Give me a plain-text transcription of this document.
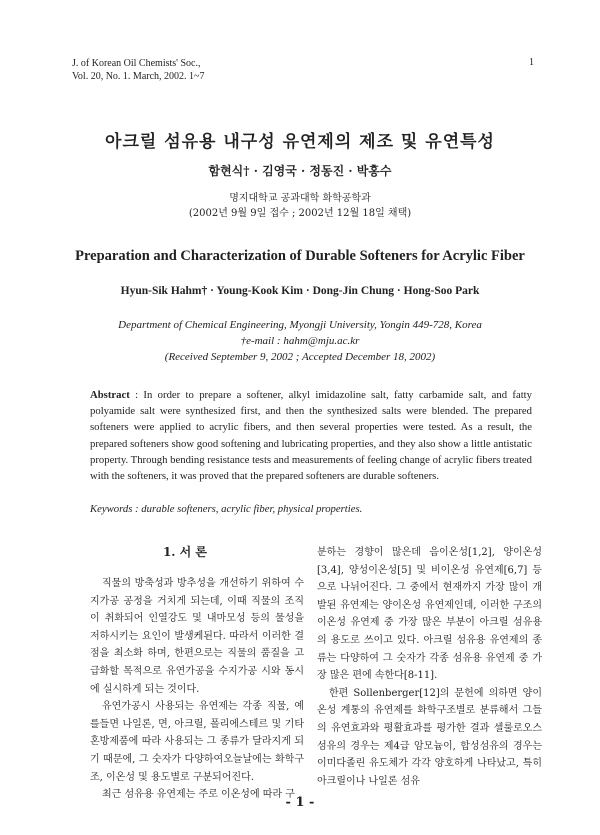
J. of Korean Oil Chemists' Soc.,
Vol. 20, No. 1. March, 2002. 1~7
1
아크릴 섬유용 내구성 유연제의 제조 및 유연특성
함현식† · 김영국 · 정동진 · 박홍수
명지대학교 공과대학 화학공학과
(2002년 9월 9일 접수 ; 2002년 12월 18일 채택)
Preparation and Characterization of Durable Softeners for Acrylic Fiber
Hyun-Sik Hahm† · Young-Kook Kim · Dong-Jin Chung · Hong-Soo Park
Department of Chemical Engineering, Myongji University, Yongin 449-728, Korea
†e-mail : hahm@mju.ac.kr
(Received September 9, 2002 ; Accepted December 18, 2002)
Abstract : In order to prepare a softener, alkyl imidazoline salt, fatty carbamide salt, and fatty polyamide salt were synthesized first, and then the synthesized salts were blended. The prepared softeners were applied to acrylic fibers, and then several properties were tested. As a result, the prepared softeners show good softening and lubricating properties, and they also show a little antistatic property. Through bending resistance tests and measurements of feeling change of acrylic fibers treated with the softeners, it was proved that the prepared softeners are durable softeners.
Keywords : durable softeners, acrylic fiber, physical properties.
1. 서 론

직물의 방축성과 방추성을 개선하기 위하여 수지가공 공정을 거치게 되는데, 이때 직물의 조직이 취화되어 인열강도 및 내마모성 등의 물성을 저하시키는 요인이 발생케된다. 따라서 이러한 결점을 최소화 하며, 한편으로는 직물의 품질을 고급화할 목적으로 유연가공을 수지가공 시와 동시에 실시하게 되는 것이다.

유연가공시 사용되는 유연제는 각종 직물, 예를들면 나일론, 면, 아크릴, 폴리에스테르 및 기타 혼방제품에 따라 사용되는 그 종류가 달라지게 되기 때문에, 그 숫자가 다양하여오늘날에는 화학구조, 이온성 및 용도별로 구분되어진다.

최근 섬유용 유연제는 주로 이온성에 따라 구

분하는 경향이 많은데 음이온성[1,2], 양이온성[3,4], 양성이온성[5] 및 비이온성 유연제[6,7] 등으로 나뉘어진다. 그 중에서 현재까지 가장 많이 개발된 유연제는 양이온성 유연제인데, 이러한 구조의 이온성 유연제 중 가장 많은 부분이 아크릴 섬유용의 용도로 쓰이고 있다. 아크릴 섬유용 유연제의 종류는 다양하여 그 숫자가 각종 섬유용 유연제 중 가장 많은 편에 속한다[8-11].

한편 Sollenberger[12]의 문헌에 의하면 양이온성 계통의 유연제를 화학구조별로 분류해서 그들의 유연효과와 평활효과를 평가한 결과 셀룰로오스 섬유의 경우는 제4급 암모늄이, 합성섬유의 경우는 이미다졸린 유도체가 각각 양호하게 나타났고, 특히 아크릴이나 나일론 섬유

- 1 -
